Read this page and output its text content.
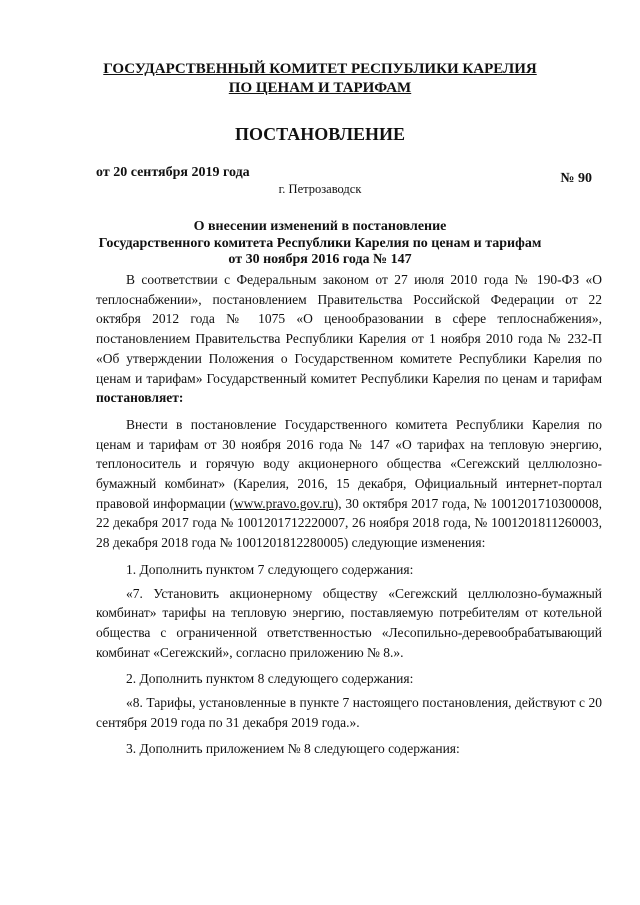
ГОСУДАРСТВЕННЫЙ КОМИТЕТ РЕСПУБЛИКИ КАРЕЛИЯ
ПО ЦЕНАМ И ТАРИФАМ
ПОСТАНОВЛЕНИЕ
от 20 сентября 2019 года	№ 90
г. Петрозаводск
О внесении изменений в постановление
Государственного комитета Республики Карелия по ценам и тарифам
от 30 ноября 2016 года № 147

В соответствии с Федеральным законом от 27 июля 2010 года № 190-ФЗ «О теплоснабжении», постановлением Правительства Российской Федерации от 22 октября 2012 года № 1075 «О ценообразовании в сфере теплоснабжения», постановлением Правительства Республики Карелия от 1 ноября 2010 года № 232-П «Об утверждении Положения о Государственном комитете Республики Карелия по ценам и тарифам» Государственный комитет Республики Карелия по ценам и тарифам постановляет:

Внести в постановление Государственного комитета Республики Карелия по ценам и тарифам от 30 ноября 2016 года № 147 «О тарифах на тепловую энергию, теплоноситель и горячую воду акционерного общества «Сегежский целлюлозно-бумажный комбинат» (Карелия, 2016, 15 декабря, Официальный интернет-портал правовой информации (www.pravo.gov.ru), 30 октября 2017 года, № 1001201710300008, 22 декабря 2017 года № 1001201712220007, 26 ноября 2018 года, № 1001201811260003, 28 декабря 2018 года № 1001201812280005) следующие изменения:

1. Дополнить пунктом 7 следующего содержания:

«7. Установить акционерному обществу «Сегежский целлюлозно-бумажный комбинат» тарифы на тепловую энергию, поставляемую потребителям от котельной общества с ограниченной ответственностью «Лесопильно-деревообрабатывающий комбинат «Сегежский», согласно приложению № 8.».

2. Дополнить пунктом 8 следующего содержания:

«8. Тарифы, установленные в пункте 7 настоящего постановления, действуют с 20 сентября 2019 года по 31 декабря 2019 года.».

3. Дополнить приложением № 8 следующего содержания:
